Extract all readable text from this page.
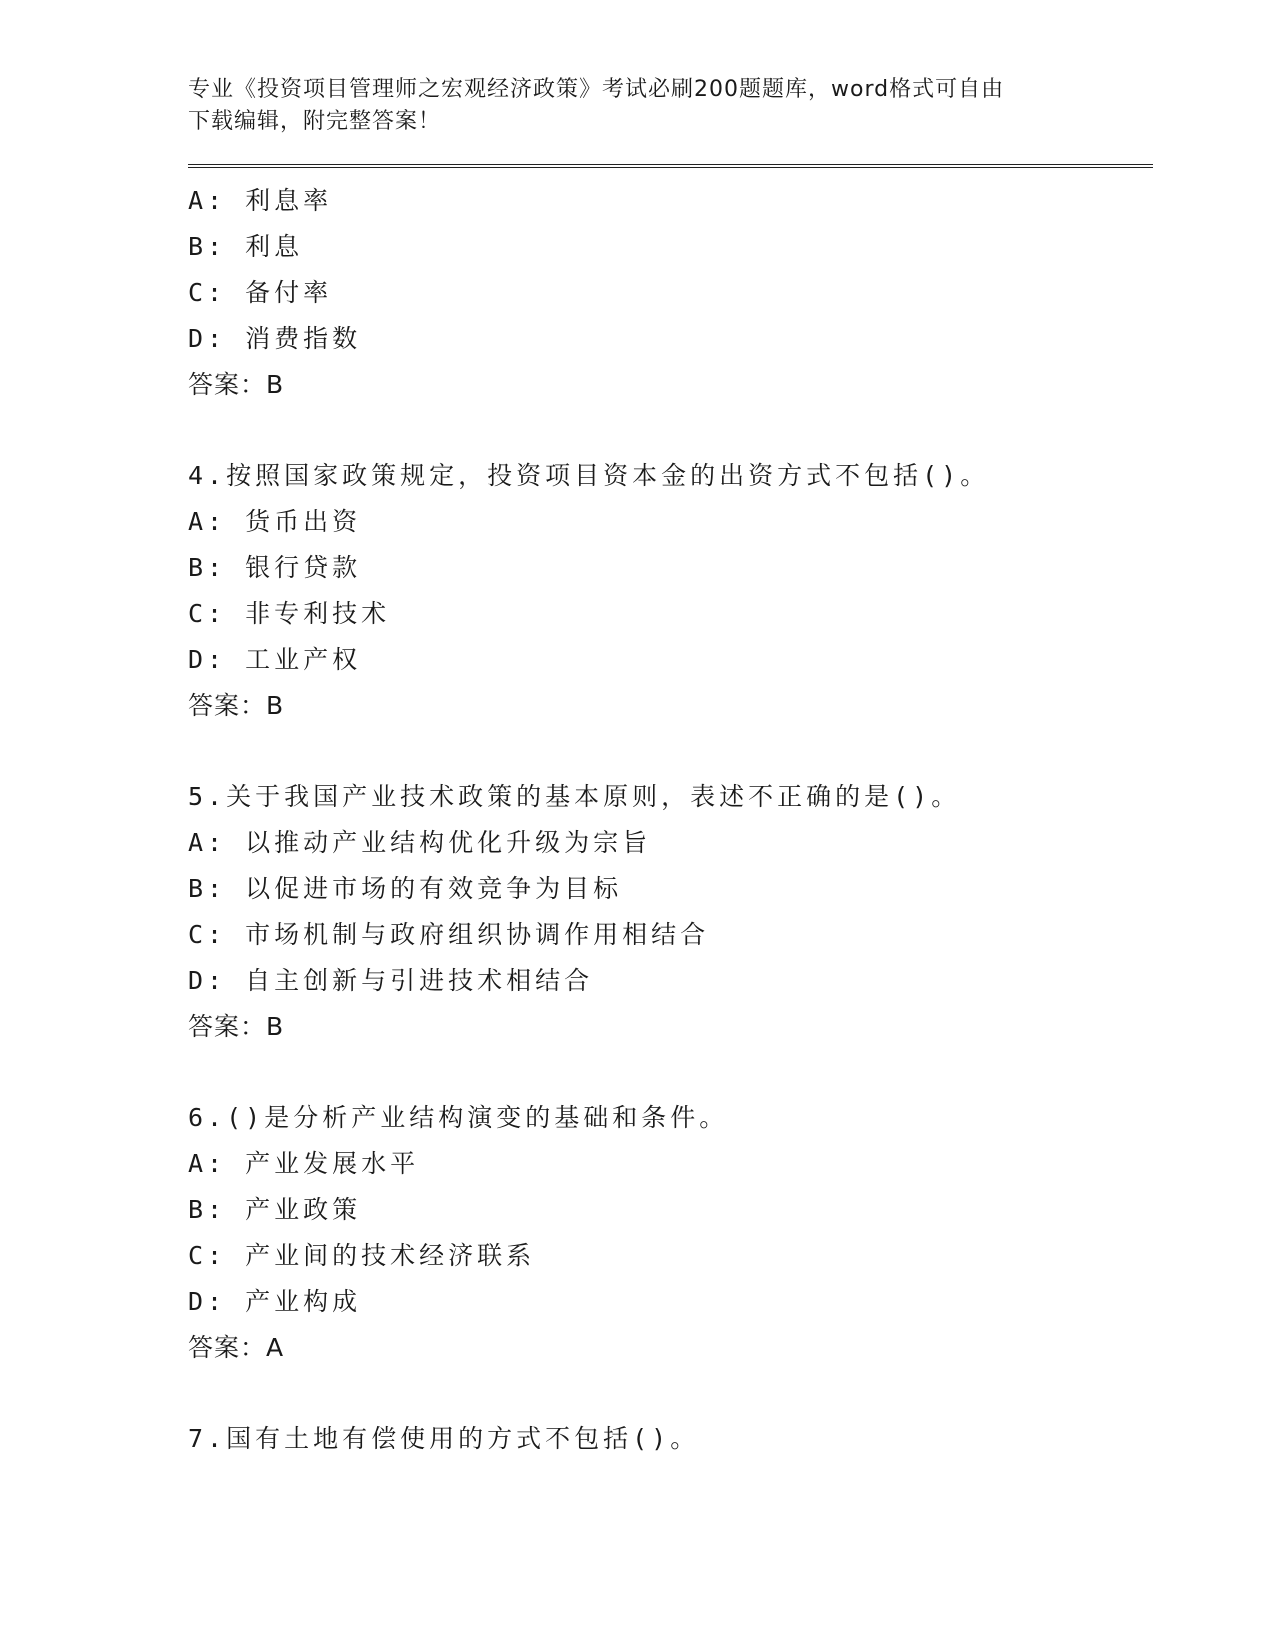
专业《投资项目管理师之宏观经济政策》考试必刷200题题库，word格式可自由
下载编辑，附完整答案！

A: 利息率
B: 利息
C: 备付率
D: 消费指数
答案：B
4.按照国家政策规定，投资项目资本金的出资方式不包括()。
A: 货币出资
B: 银行贷款
C: 非专利技术
D: 工业产权
答案：B
5.关于我国产业技术政策的基本原则，表述不正确的是()。
A: 以推动产业结构优化升级为宗旨
B: 以促进市场的有效竞争为目标
C: 市场机制与政府组织协调作用相结合
D: 自主创新与引进技术相结合
答案：B
6.()是分析产业结构演变的基础和条件。
A: 产业发展水平
B: 产业政策
C: 产业间的技术经济联系
D: 产业构成
答案：A
7.国有土地有偿使用的方式不包括()。
